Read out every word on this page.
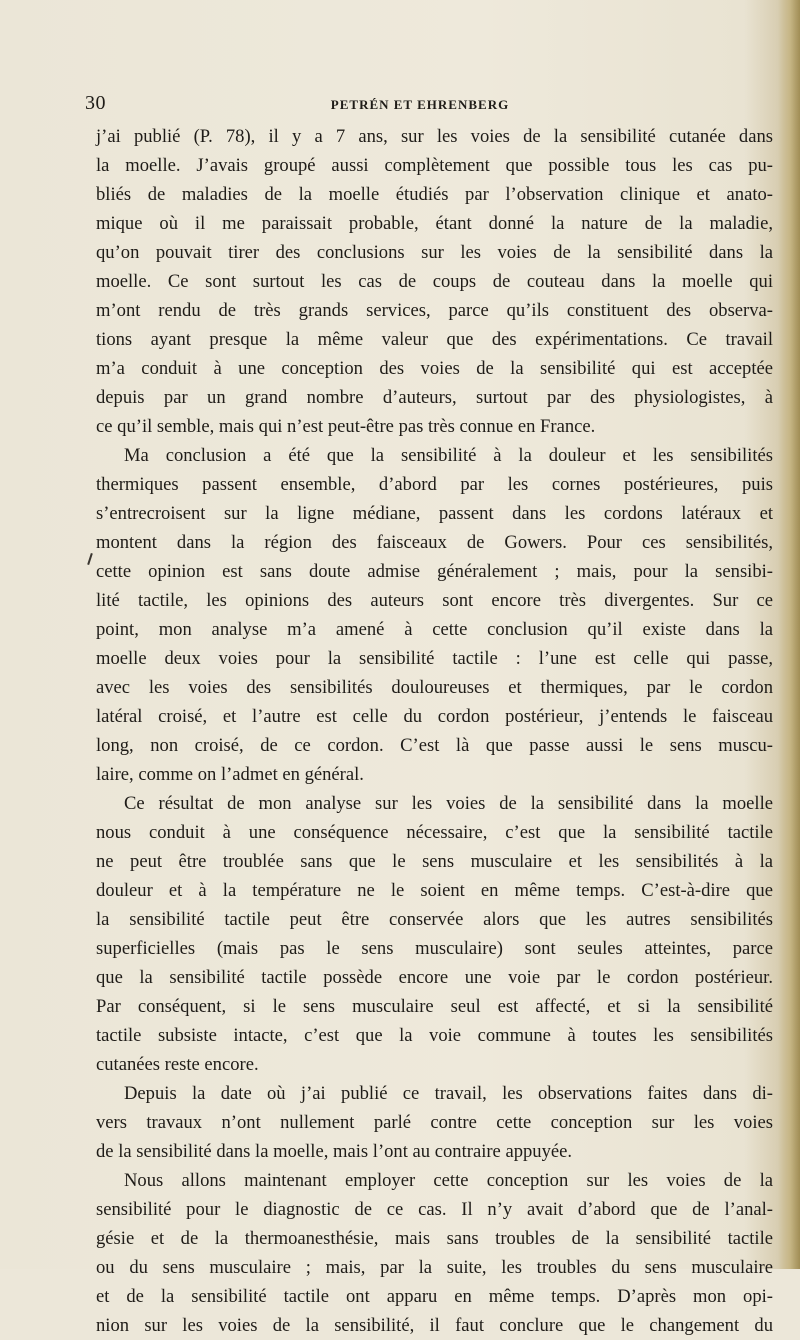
30	PETRÉN ET EHRENBERG
j’ai publié (P. 78), il y a 7 ans, sur les voies de la sensibilité cutanée dans
la moelle. J’avais groupé aussi complètement que possible tous les cas pu-
bliés de maladies de la moelle étudiés par l’observation clinique et anato-
mique où il me paraissait probable, étant donné la nature de la maladie,
qu’on pouvait tirer des conclusions sur les voies de la sensibilité dans la
moelle. Ce sont surtout les cas de coups de couteau dans la moelle qui
m’ont rendu de très grands services, parce qu’ils constituent des observa-
tions ayant presque la même valeur que des expérimentations. Ce travail
m’a conduit à une conception des voies de la sensibilité qui est acceptée
depuis par un grand nombre d’auteurs, surtout par des physiologistes, à
ce qu’il semble, mais qui n’est peut-être pas très connue en France.
Ma conclusion a été que la sensibilité à la douleur et les sensibilités
thermiques passent ensemble, d’abord par les cornes postérieures, puis
s’entrecroisent sur la ligne médiane, passent dans les cordons latéraux et
montent dans la région des faisceaux de Gowers. Pour ces sensibilités,
cette opinion est sans doute admise généralement ; mais, pour la sensibi-
lité tactile, les opinions des auteurs sont encore très divergentes. Sur ce
point, mon analyse m’a amené à cette conclusion qu’il existe dans la
moelle deux voies pour la sensibilité tactile : l’une est celle qui passe,
avec les voies des sensibilités douloureuses et thermiques, par le cordon
latéral croisé, et l’autre est celle du cordon postérieur, j’entends le faisceau
long, non croisé, de ce cordon. C’est là que passe aussi le sens muscu-
laire, comme on l’admet en général.
Ce résultat de mon analyse sur les voies de la sensibilité dans la moelle
nous conduit à une conséquence nécessaire, c’est que la sensibilité tactile
ne peut être troublée sans que le sens musculaire et les sensibilités à la
douleur et à la température ne le soient en même temps. C’est-à-dire que
la sensibilité tactile peut être conservée alors que les autres sensibilités
superficielles (mais pas le sens musculaire) sont seules atteintes, parce
que la sensibilité tactile possède encore une voie par le cordon postérieur.
Par conséquent, si le sens musculaire seul est affecté, et si la sensibilité
tactile subsiste intacte, c’est que la voie commune à toutes les sensibilités
cutanées reste encore.
Depuis la date où j’ai publié ce travail, les observations faites dans di-
vers travaux n’ont nullement parlé contre cette conception sur les voies
de la sensibilité dans la moelle, mais l’ont au contraire appuyée.
Nous allons maintenant employer cette conception sur les voies de la
sensibilité pour le diagnostic de ce cas. Il n’y avait d’abord que de l’anal-
gésie et de la thermoanesthésie, mais sans troubles de la sensibilité tactile
ou du sens musculaire ; mais, par la suite, les troubles du sens musculaire
et de la sensibilité tactile ont apparu en même temps. D’après mon opi-
nion sur les voies de la sensibilité, il faut conclure que le changement du
